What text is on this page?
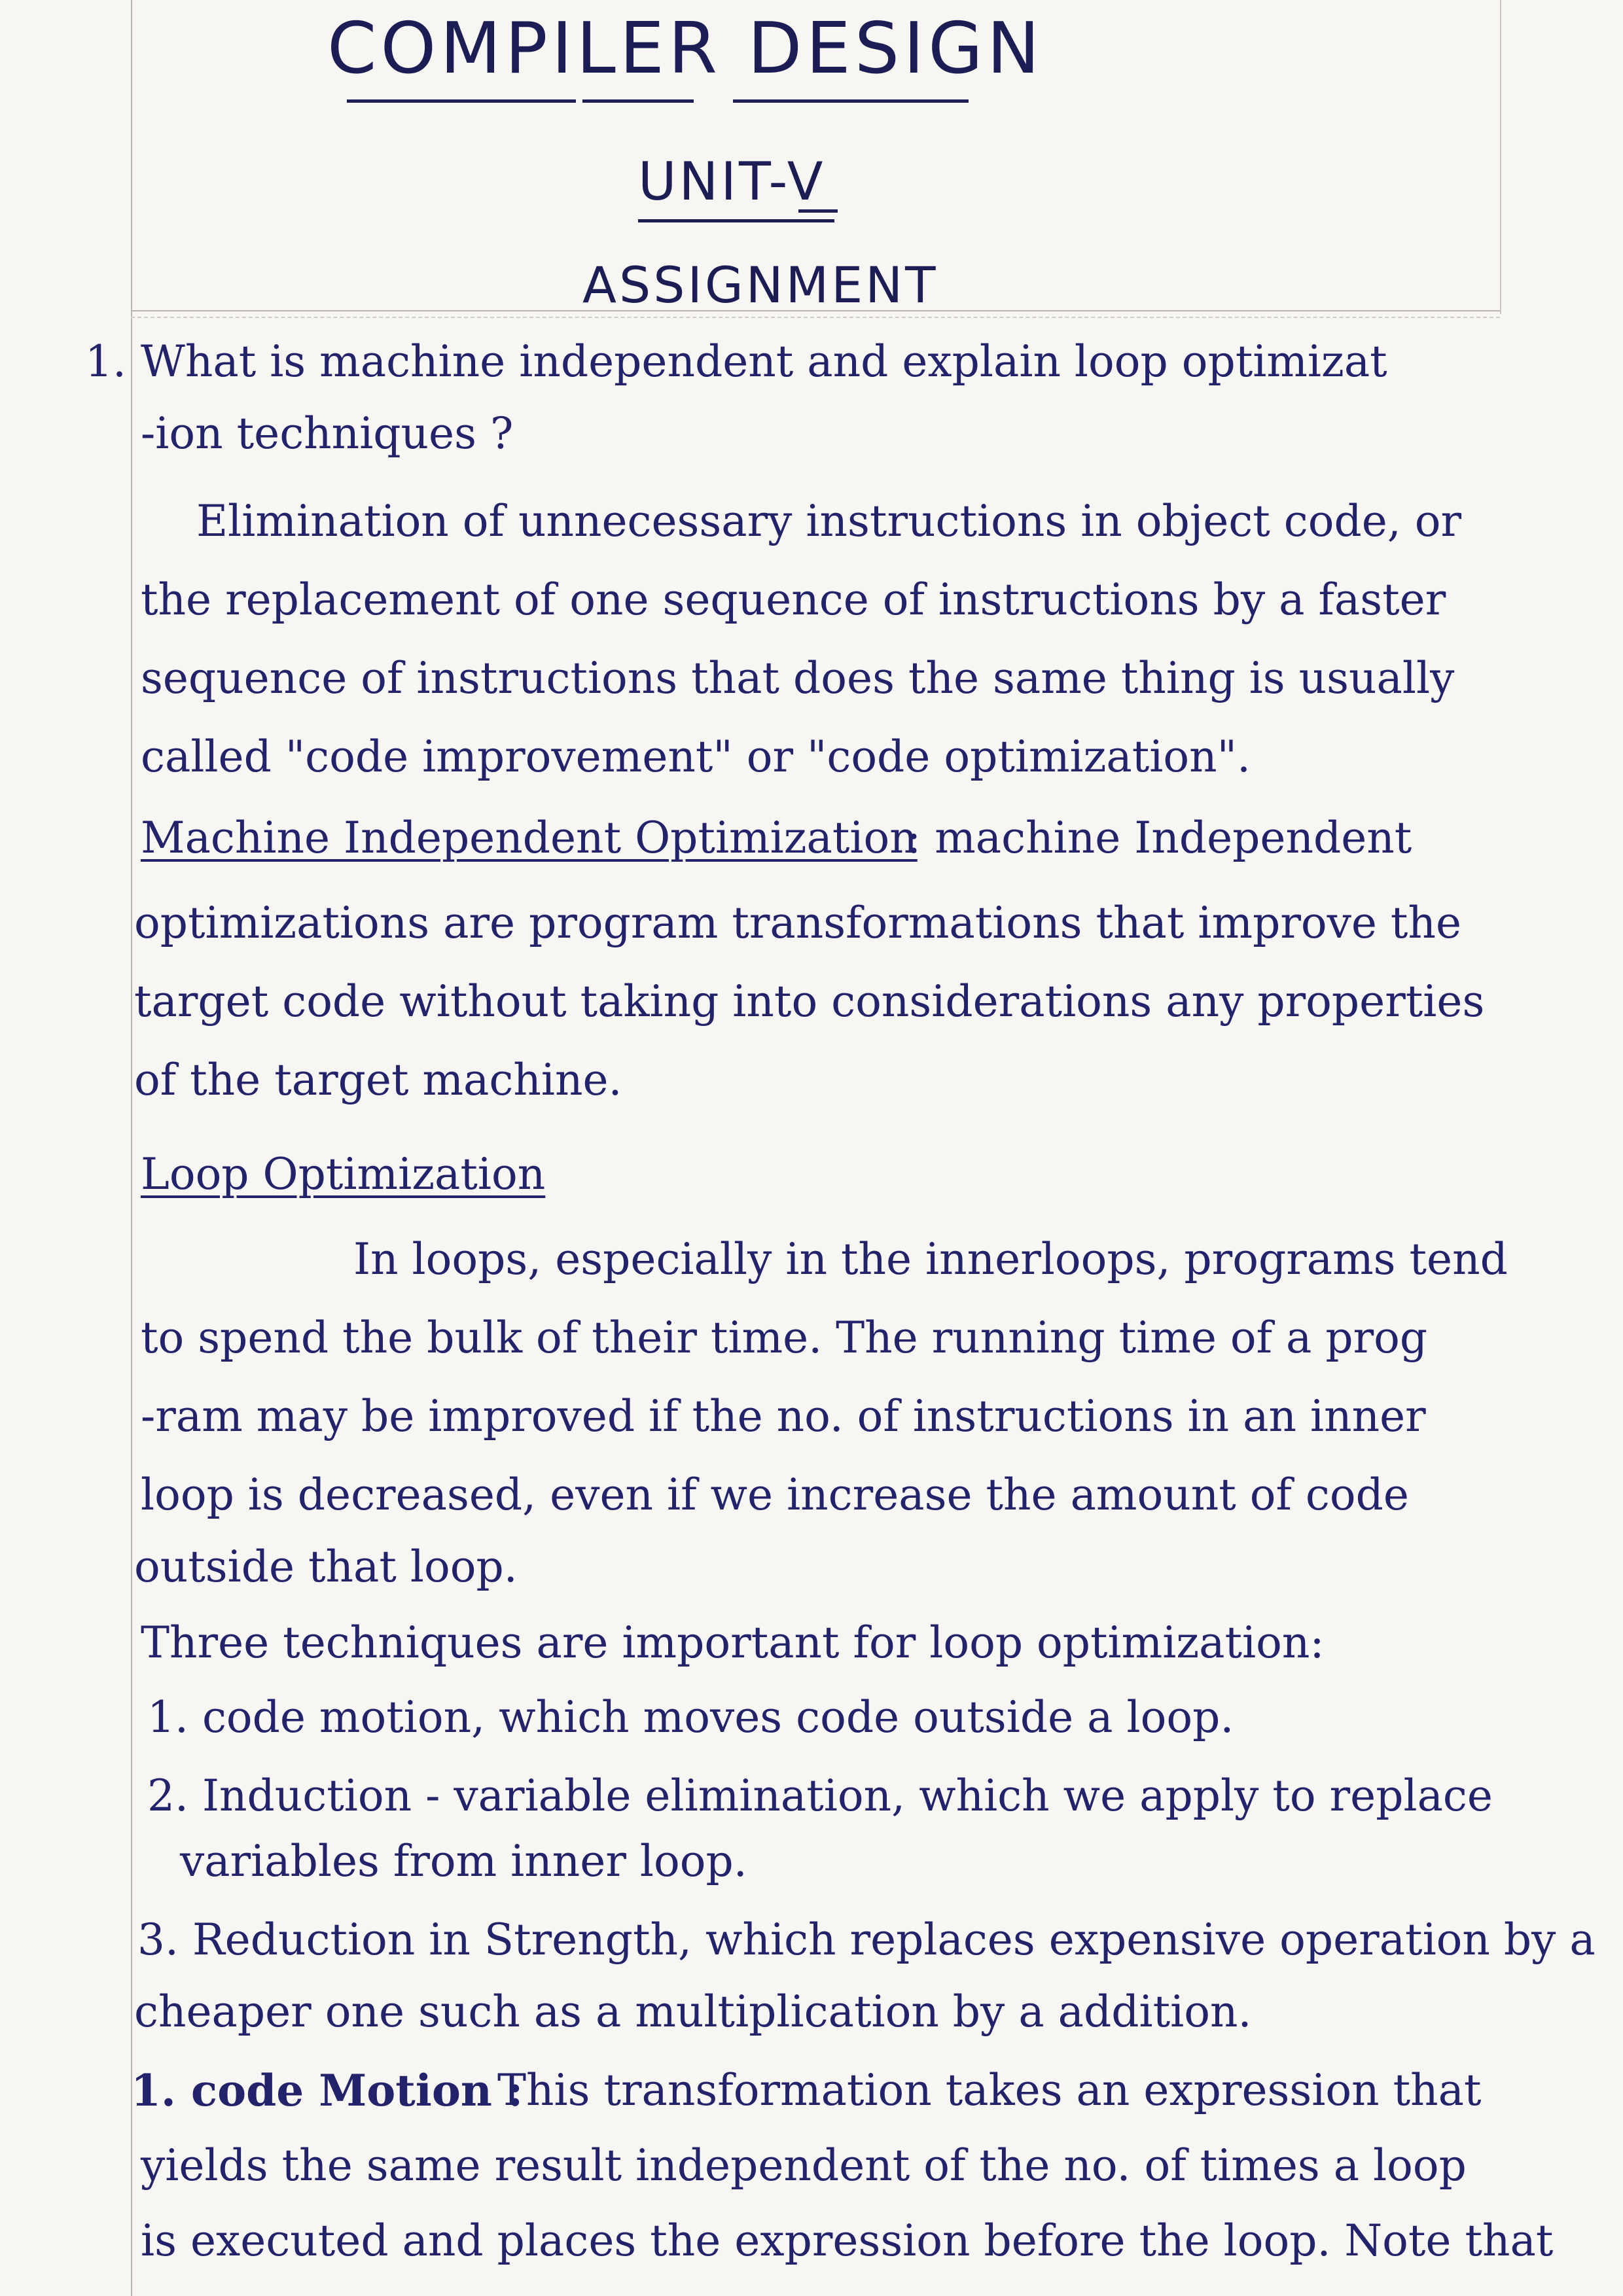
COMPILER DESIGN
UNIT-V
ASSIGNMENT
1. What is machine independent and explain loop optimizat
-ion techniques ?
Elimination of unnecessary instructions in object code, or
the replacement of one sequence of instructions by a faster
sequence of instructions that does the same thing is usually
called "code improvement" or "code optimization".
Machine Independent Optimization
: machine Independent
optimizations are program transformations that improve the
target code without taking into considerations any properties
of the target machine.
Loop Optimization
In loops, especially in the innerloops, programs tend
to spend the bulk of their time. The running time of a prog
-ram may be improved if the no. of instructions in an inner
loop is decreased, even if we increase the amount of code
outside that loop.
Three techniques are important for loop optimization:
1. code motion, which moves code outside a loop.
2. Induction - variable elimination, which we apply to replace
variables from inner loop.
3. Reduction in Strength, which replaces expensive operation by a
cheaper one such as a multiplication by a addition.
1. code Motion :
This transformation takes an expression that
yields the same result independent of the no. of times a loop
is executed and places the expression before the loop. Note that
